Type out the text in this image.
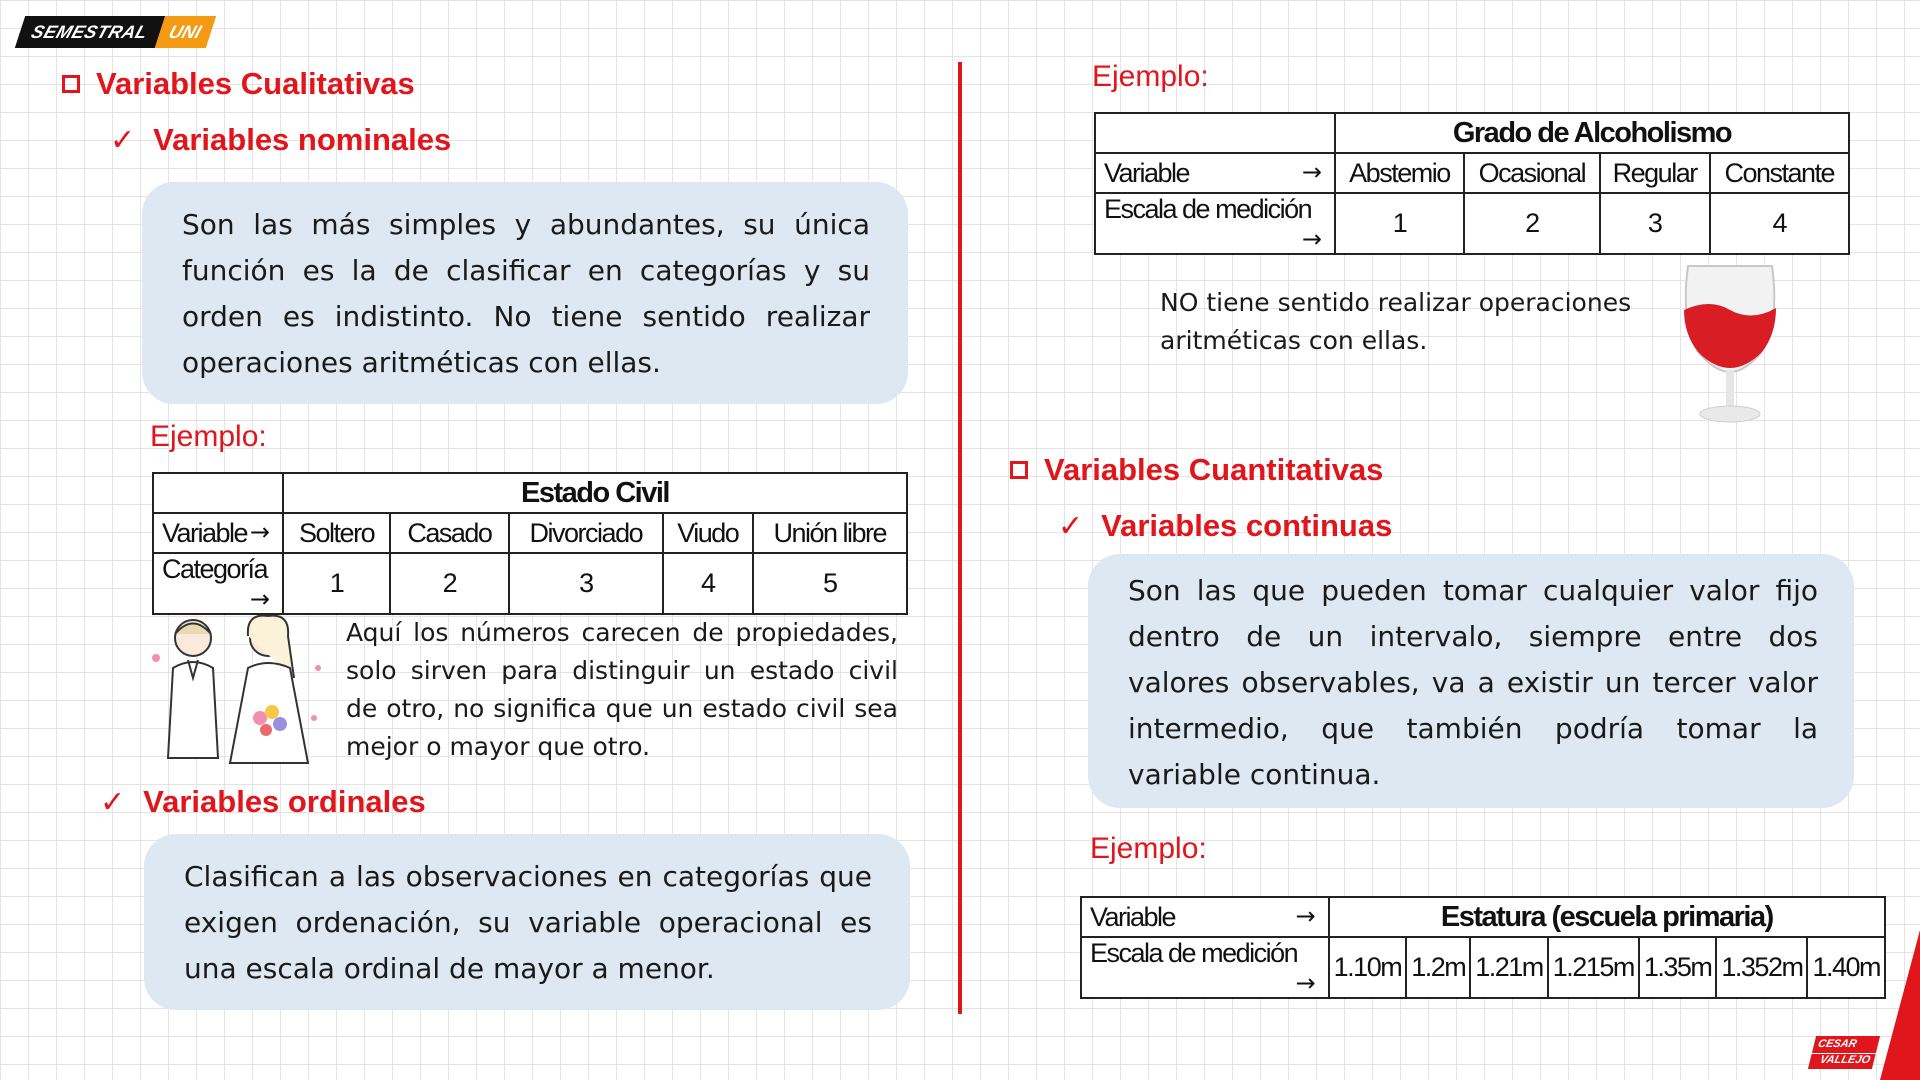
SEMESTRAL UNI
Variables Cualitativas
✓ Variables nominales
Son las más simples y abundantes, su única función es la de clasificar en categorías y su orden es indistinto. No tiene sentido realizar operaciones aritméticas con ellas.
Ejemplo:
	Estado Civil				
Variable →	Soltero	Casado	Divorciado	Viudo	Unión libre
Categoría
→	1	2	3	4	5
Aquí los números carecen de propiedades, solo sirven para distinguir un estado civil de otro, no significa que un estado civil sea mejor o mayor que otro.
✓ Variables ordinales
Clasifican a las observaciones en categorías que exigen ordenación, su variable operacional es una escala ordinal de mayor a menor.
Ejemplo:
	Grado de Alcoholismo			
Variable →	Abstemio	Ocasional	Regular	Constante
Escala de medición
→	1	2	3	4
NO tiene sentido realizar operaciones aritméticas con ellas.
Variables Cuantitativas
✓ Variables continuas
Son las que pueden tomar cualquier valor fijo dentro de un intervalo, siempre entre dos valores observables, va a existir un tercer valor intermedio, que también podría tomar la variable continua.
Ejemplo:
Variable →	Estatura (escuela primaria)						
Escala de medición
→	1.10m	1.2m	1.21m	1.215m	1.35m	1.352m	1.40m
CESAR
VALLEJO
